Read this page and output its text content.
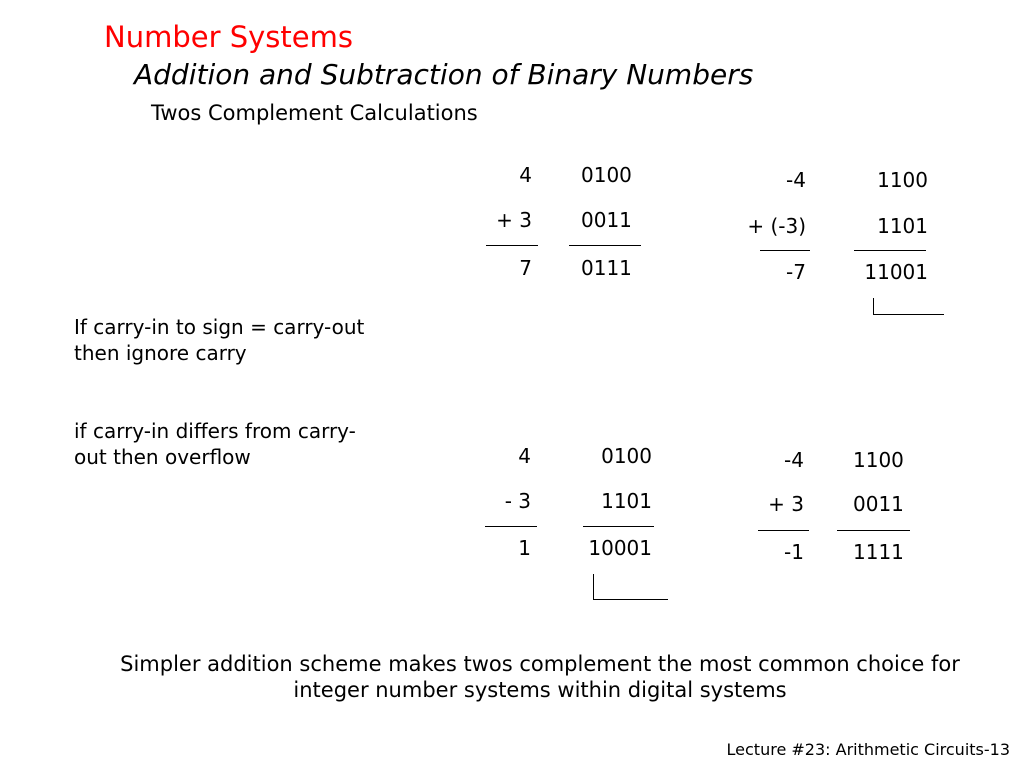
Number Systems
Addition and Subtraction of Binary Numbers
Twos Complement Calculations
4
+ 3
7
0100
0011
0111
-4
+ (-3)
-7
1100
1101
11001
If carry-in to sign = carry-out then ignore carry
if carry-in differs from carry-out then overflow	4
- 3
1
0100
1101
10001
-4
+ 3
-1
1100
0011
1111
Simpler addition scheme makes twos complement the most common choice for integer number systems within digital systems
Lecture #23: Arithmetic Circuits-13
